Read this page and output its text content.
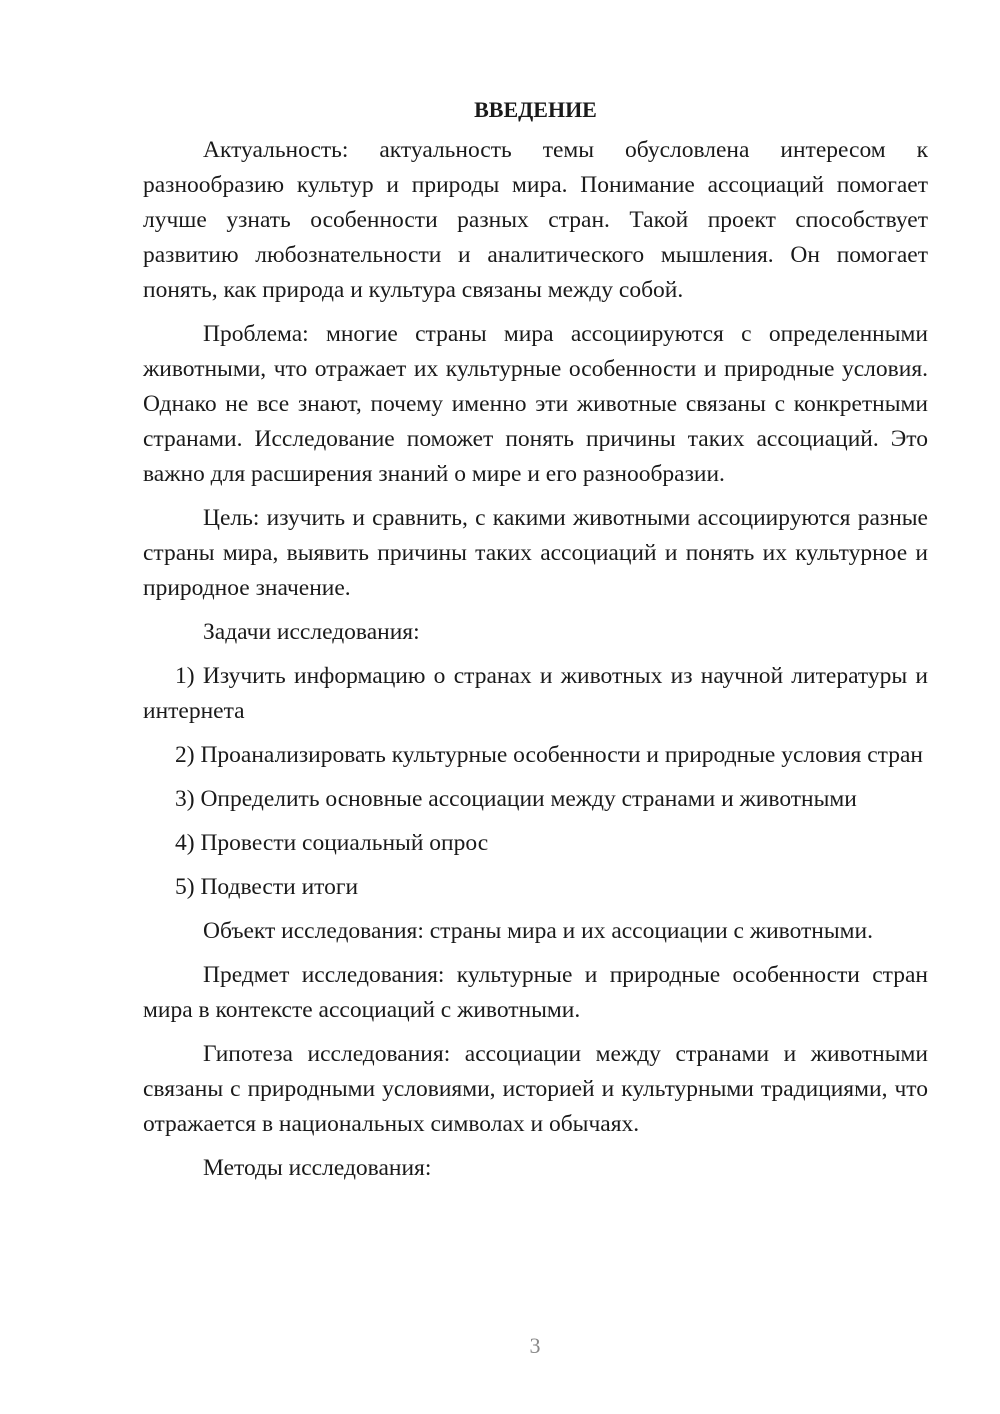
ВВЕДЕНИЕ

Актуальность: актуальность темы обусловлена интересом к разнообразию культур и природы мира. Понимание ассоциаций помогает лучше узнать особенности разных стран. Такой проект способствует развитию любознательности и аналитического мышления. Он помогает понять, как природа и культура связаны между собой.

Проблема: многие страны мира ассоциируются с определенными животными, что отражает их культурные особенности и природные условия. Однако не все знают, почему именно эти животные связаны с конкретными странами. Исследование поможет понять причины таких ассоциаций. Это важно для расширения знаний о мире и его разнообразии.

Цель: изучить и сравнить, с какими животными ассоциируются разные страны мира, выявить причины таких ассоциаций и понять их культурное и природное значение.

Задачи исследования:

1) Изучить информацию о странах и животных из научной литературы и интернета

2) Проанализировать культурные особенности и природные условия стран

3) Определить основные ассоциации между странами и животными

4) Провести социальный опрос

5) Подвести итоги

Объект исследования: страны мира и их ассоциации с животными.

Предмет исследования: культурные и природные особенности стран мира в контексте ассоциаций с животными.

Гипотеза исследования: ассоциации между странами и животными связаны с природными условиями, историей и культурными традициями, что отражается в национальных символах и обычаях.

Методы исследования:

3
